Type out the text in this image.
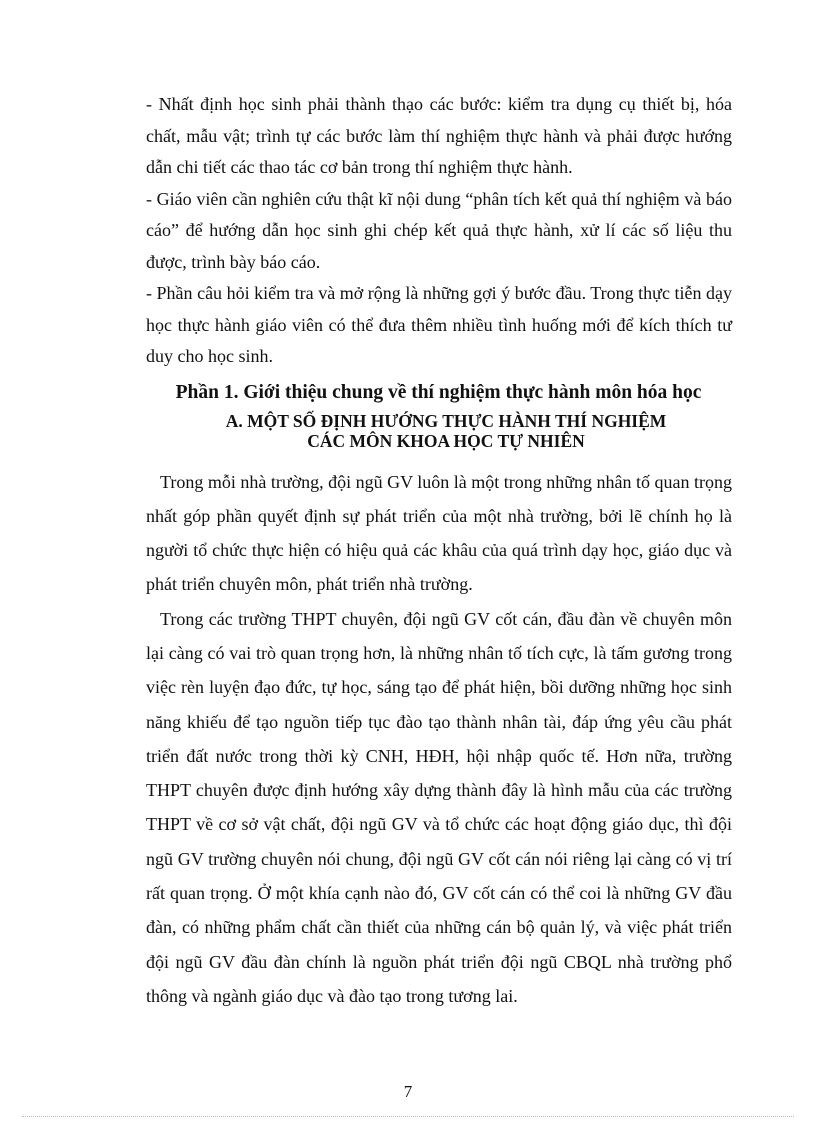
- Nhất định học sinh phải thành thạo các bước: kiểm tra dụng cụ thiết bị, hóa chất, mẫu vật; trình tự các bước làm thí nghiệm thực hành và phải được hướng dẫn chi tiết các thao tác cơ bản trong thí nghiệm thực hành.

- Giáo viên cần nghiên cứu thật kĩ nội dung “phân tích kết quả thí nghiệm và báo cáo” để hướng dẫn học sinh ghi chép kết quả thực hành, xử lí các số liệu thu được, trình bày báo cáo.

- Phần câu hỏi kiểm tra và mở rộng là những gợi ý bước đầu. Trong thực tiễn dạy học thực hành giáo viên có thể đưa thêm nhiều tình huống mới để kích thích tư duy cho học sinh.

Phần 1. Giới thiệu chung về thí nghiệm thực hành môn hóa học
A. MỘT SỐ ĐỊNH HƯỚNG THỰC HÀNH THÍ NGHIỆM
CÁC MÔN KHOA HỌC TỰ NHIÊN

Trong mỗi nhà trường, đội ngũ GV luôn là một trong những nhân tố quan trọng nhất góp phần quyết định sự phát triển của một nhà trường, bởi lẽ chính họ là người tổ chức thực hiện có hiệu quả các khâu của quá trình dạy học, giáo dục và phát triển chuyên môn, phát triển nhà trường.

Trong các trường THPT chuyên, đội ngũ GV cốt cán, đầu đàn về chuyên môn lại càng có vai trò quan trọng hơn, là những nhân tố tích cực, là tấm gương trong việc rèn luyện đạo đức, tự học, sáng tạo để phát hiện, bồi dưỡng những học sinh năng khiếu để tạo nguồn tiếp tục đào tạo thành nhân tài, đáp ứng yêu cầu phát triển đất nước trong thời kỳ CNH, HĐH, hội nhập quốc tế. Hơn nữa, trường THPT chuyên được định hướng xây dựng thành đây là hình mẫu của các trường THPT về cơ sở vật chất, đội ngũ GV và tổ chức các hoạt động giáo dục, thì đội ngũ GV trường chuyên nói chung, đội ngũ GV cốt cán nói riêng lại càng có vị trí rất quan trọng. Ở một khía cạnh nào đó, GV cốt cán có thể coi là những GV đầu đàn, có những phẩm chất cần thiết của những cán bộ quản lý, và việc phát triển đội ngũ GV đầu đàn chính là nguồn phát triển đội ngũ CBQL nhà trường phổ thông và ngành giáo dục và đào tạo trong tương lai.

7
